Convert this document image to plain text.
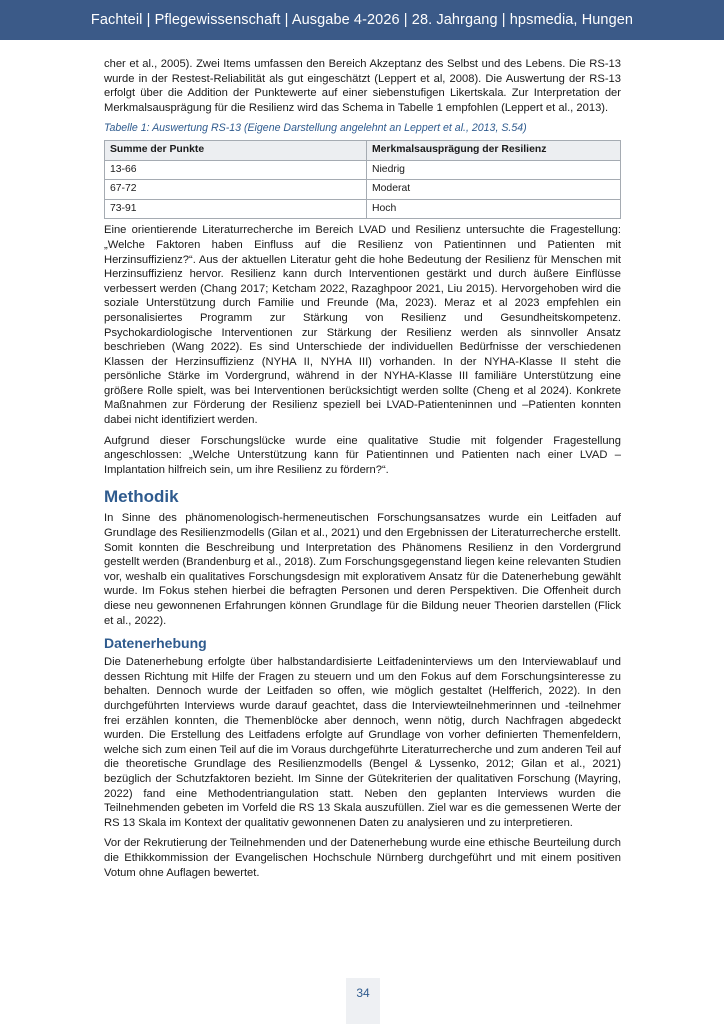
Fachteil | Pflegewissenschaft | Ausgabe 4-2026 | 28. Jahrgang | hpsmedia, Hungen

cher et al., 2005). Zwei Items umfassen den Bereich Akzeptanz des Selbst und des Lebens. Die RS-13 wurde in der Restest-Reliabilität als gut eingeschätzt (Leppert et al, 2008). Die Auswertung der RS-13 erfolgt über die Addition der Punktewerte auf einer siebenstufigen Likertskala. Zur Interpretation der Merkmalsausprägung für die Resilienz wird das Schema in Tabelle 1 empfohlen (Leppert et al., 2013).

Tabelle 1: Auswertung RS-13 (Eigene Darstellung angelehnt an Leppert et al., 2013, S.54)
Summe der Punkte	Merkmalsausprägung der Resilienz
13-66	Niedrig
67-72	Moderat
73-91	Hoch

Eine orientierende Literaturrecherche im Bereich LVAD und Resilienz untersuchte die Fragestellung: „Welche Faktoren haben Einfluss auf die Resilienz von Patientinnen und Patienten mit Herzinsuffizienz?“. Aus der aktuellen Literatur geht die hohe Bedeutung der Resilienz für Menschen mit Herzinsuffizienz hervor. Resilienz kann durch Interventionen gestärkt und durch äußere Einflüsse verbessert werden (Chang 2017; Ketcham 2022, Razaghpoor 2021, Liu 2015). Hervorgehoben wird die soziale Unterstützung durch Familie und Freunde (Ma, 2023). Meraz et al 2023 empfehlen ein personalisiertes Programm zur Stärkung von Resilienz und Gesundheitskompetenz. Psychokardiologische Interventionen zur Stärkung der Resilienz werden als sinnvoller Ansatz beschrieben (Wang 2022). Es sind Unterschiede der individuellen Bedürfnisse der verschiedenen Klassen der Herzinsuffizienz (NYHA II, NYHA III) vorhanden. In der NYHA-Klasse II steht die persönliche Stärke im Vordergrund, während in der NYHA-Klasse III familiäre Unterstützung eine größere Rolle spielt, was bei Interventionen berücksichtigt werden sollte (Cheng et al 2024). Konkrete Maßnahmen zur Förderung der Resilienz speziell bei LVAD-Patienteninnen und –Patienten konnten dabei nicht identifiziert werden.

Aufgrund dieser Forschungslücke wurde eine qualitative Studie mit folgender Fragestellung angeschlossen: „Welche Unterstützung kann für Patientinnen und Patienten nach einer LVAD – Implantation hilfreich sein, um ihre Resilienz zu fördern?“.

Methodik

In Sinne des phänomenologisch-hermeneutischen Forschungsansatzes wurde ein Leitfaden auf Grundlage des Resilienzmodells (Gilan et al., 2021) und den Ergebnissen der Literaturrecherche erstellt. Somit konnten die Beschreibung und Interpretation des Phänomens Resilienz in den Vordergrund gestellt werden (Brandenburg et al., 2018). Zum Forschungsgegenstand liegen keine relevanten Studien vor, weshalb ein qualitatives Forschungsdesign mit explorativem Ansatz für die Datenerhebung gewählt wurde. Im Fokus stehen hierbei die befragten Personen und deren Perspektiven. Die Offenheit durch diese neu gewonnenen Erfahrungen können Grundlage für die Bildung neuer Theorien darstellen (Flick et al., 2022).

Datenerhebung

Die Datenerhebung erfolgte über halbstandardisierte Leitfadeninterviews um den Interviewablauf und dessen Richtung mit Hilfe der Fragen zu steuern und um den Fokus auf dem Forschungsinteresse zu behalten. Dennoch wurde der Leitfaden so offen, wie möglich gestaltet (Helfferich, 2022). In den durchgeführten Interviews wurde darauf geachtet, dass die Interviewteilnehmerinnen und -teilnehmer frei erzählen konnten, die Themenblöcke aber dennoch, wenn nötig, durch Nachfragen abgedeckt wurden. Die Erstellung des Leitfadens erfolgte auf Grundlage von vorher definierten Themenfeldern, welche sich zum einen Teil auf die im Voraus durchgeführte Literaturrecherche und zum anderen Teil auf die theoretische Grundlage des Resilienzmodells (Bengel & Lyssenko, 2012; Gilan et al., 2021) bezüglich der Schutzfaktoren bezieht. Im Sinne der Gütekriterien der qualitativen Forschung (Mayring, 2022) fand eine Methodentriangulation statt. Neben den geplanten Interviews wurden die Teilnehmenden gebeten im Vorfeld die RS 13 Skala auszufüllen. Ziel war es die gemessenen Werte der RS 13 Skala im Kontext der qualitativ gewonnenen Daten zu analysieren und zu interpretieren.

Vor der Rekrutierung der Teilnehmenden und der Datenerhebung wurde eine ethische Beurteilung durch die Ethikkommission der Evangelischen Hochschule Nürnberg durchgeführt und mit einem positiven Votum ohne Auflagen bewertet.

34
